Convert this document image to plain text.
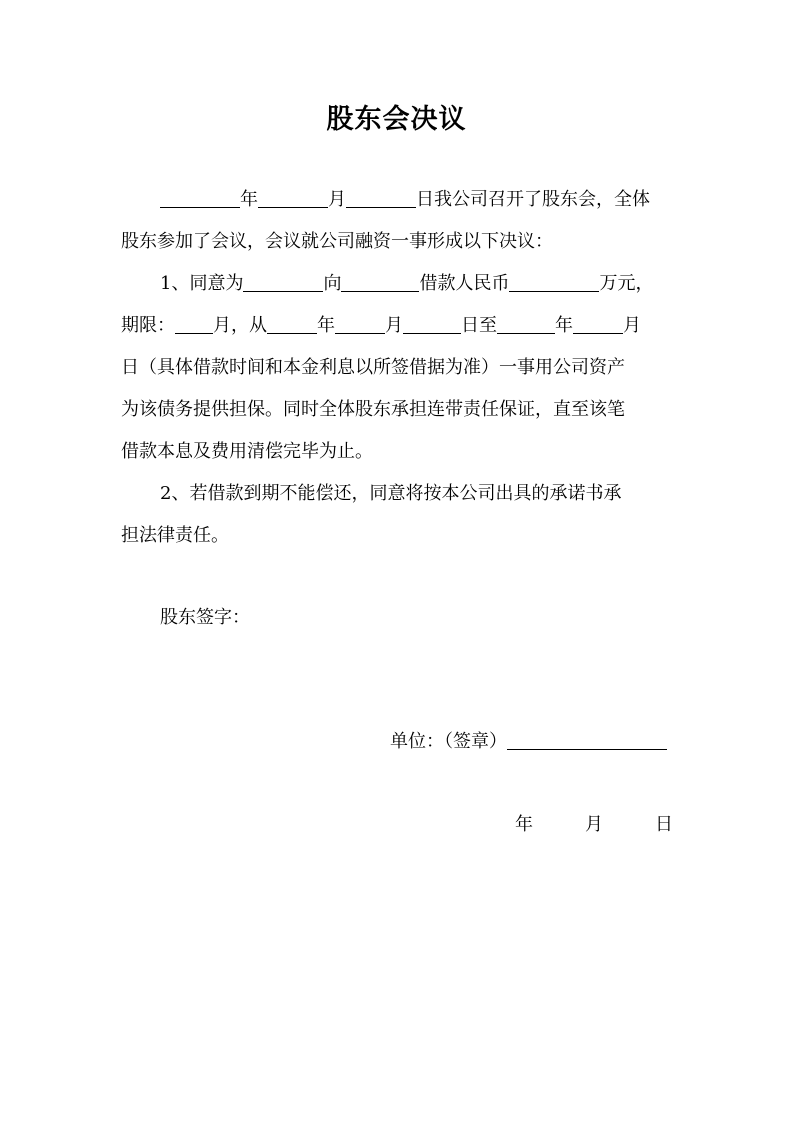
股东会决议
年	月	日我公司召开了股东会，全体
股东参加了会议，会议就公司融资一事形成以下决议：
1、同意为	向	借款人民币	万元，
期限： 月，从	年	月	日至	年	月
日（具体借款时间和本金利息以所签借据为准）一事用公司资产
为该债务提供担保。同时全体股东承担连带责任保证，直至该笔
借款本息及费用清偿完毕为止。
2、若借款到期不能偿还，同意将按本公司出具的承诺书承
担法律责任。
股东签字：
单位：（签章）
年	月	日
